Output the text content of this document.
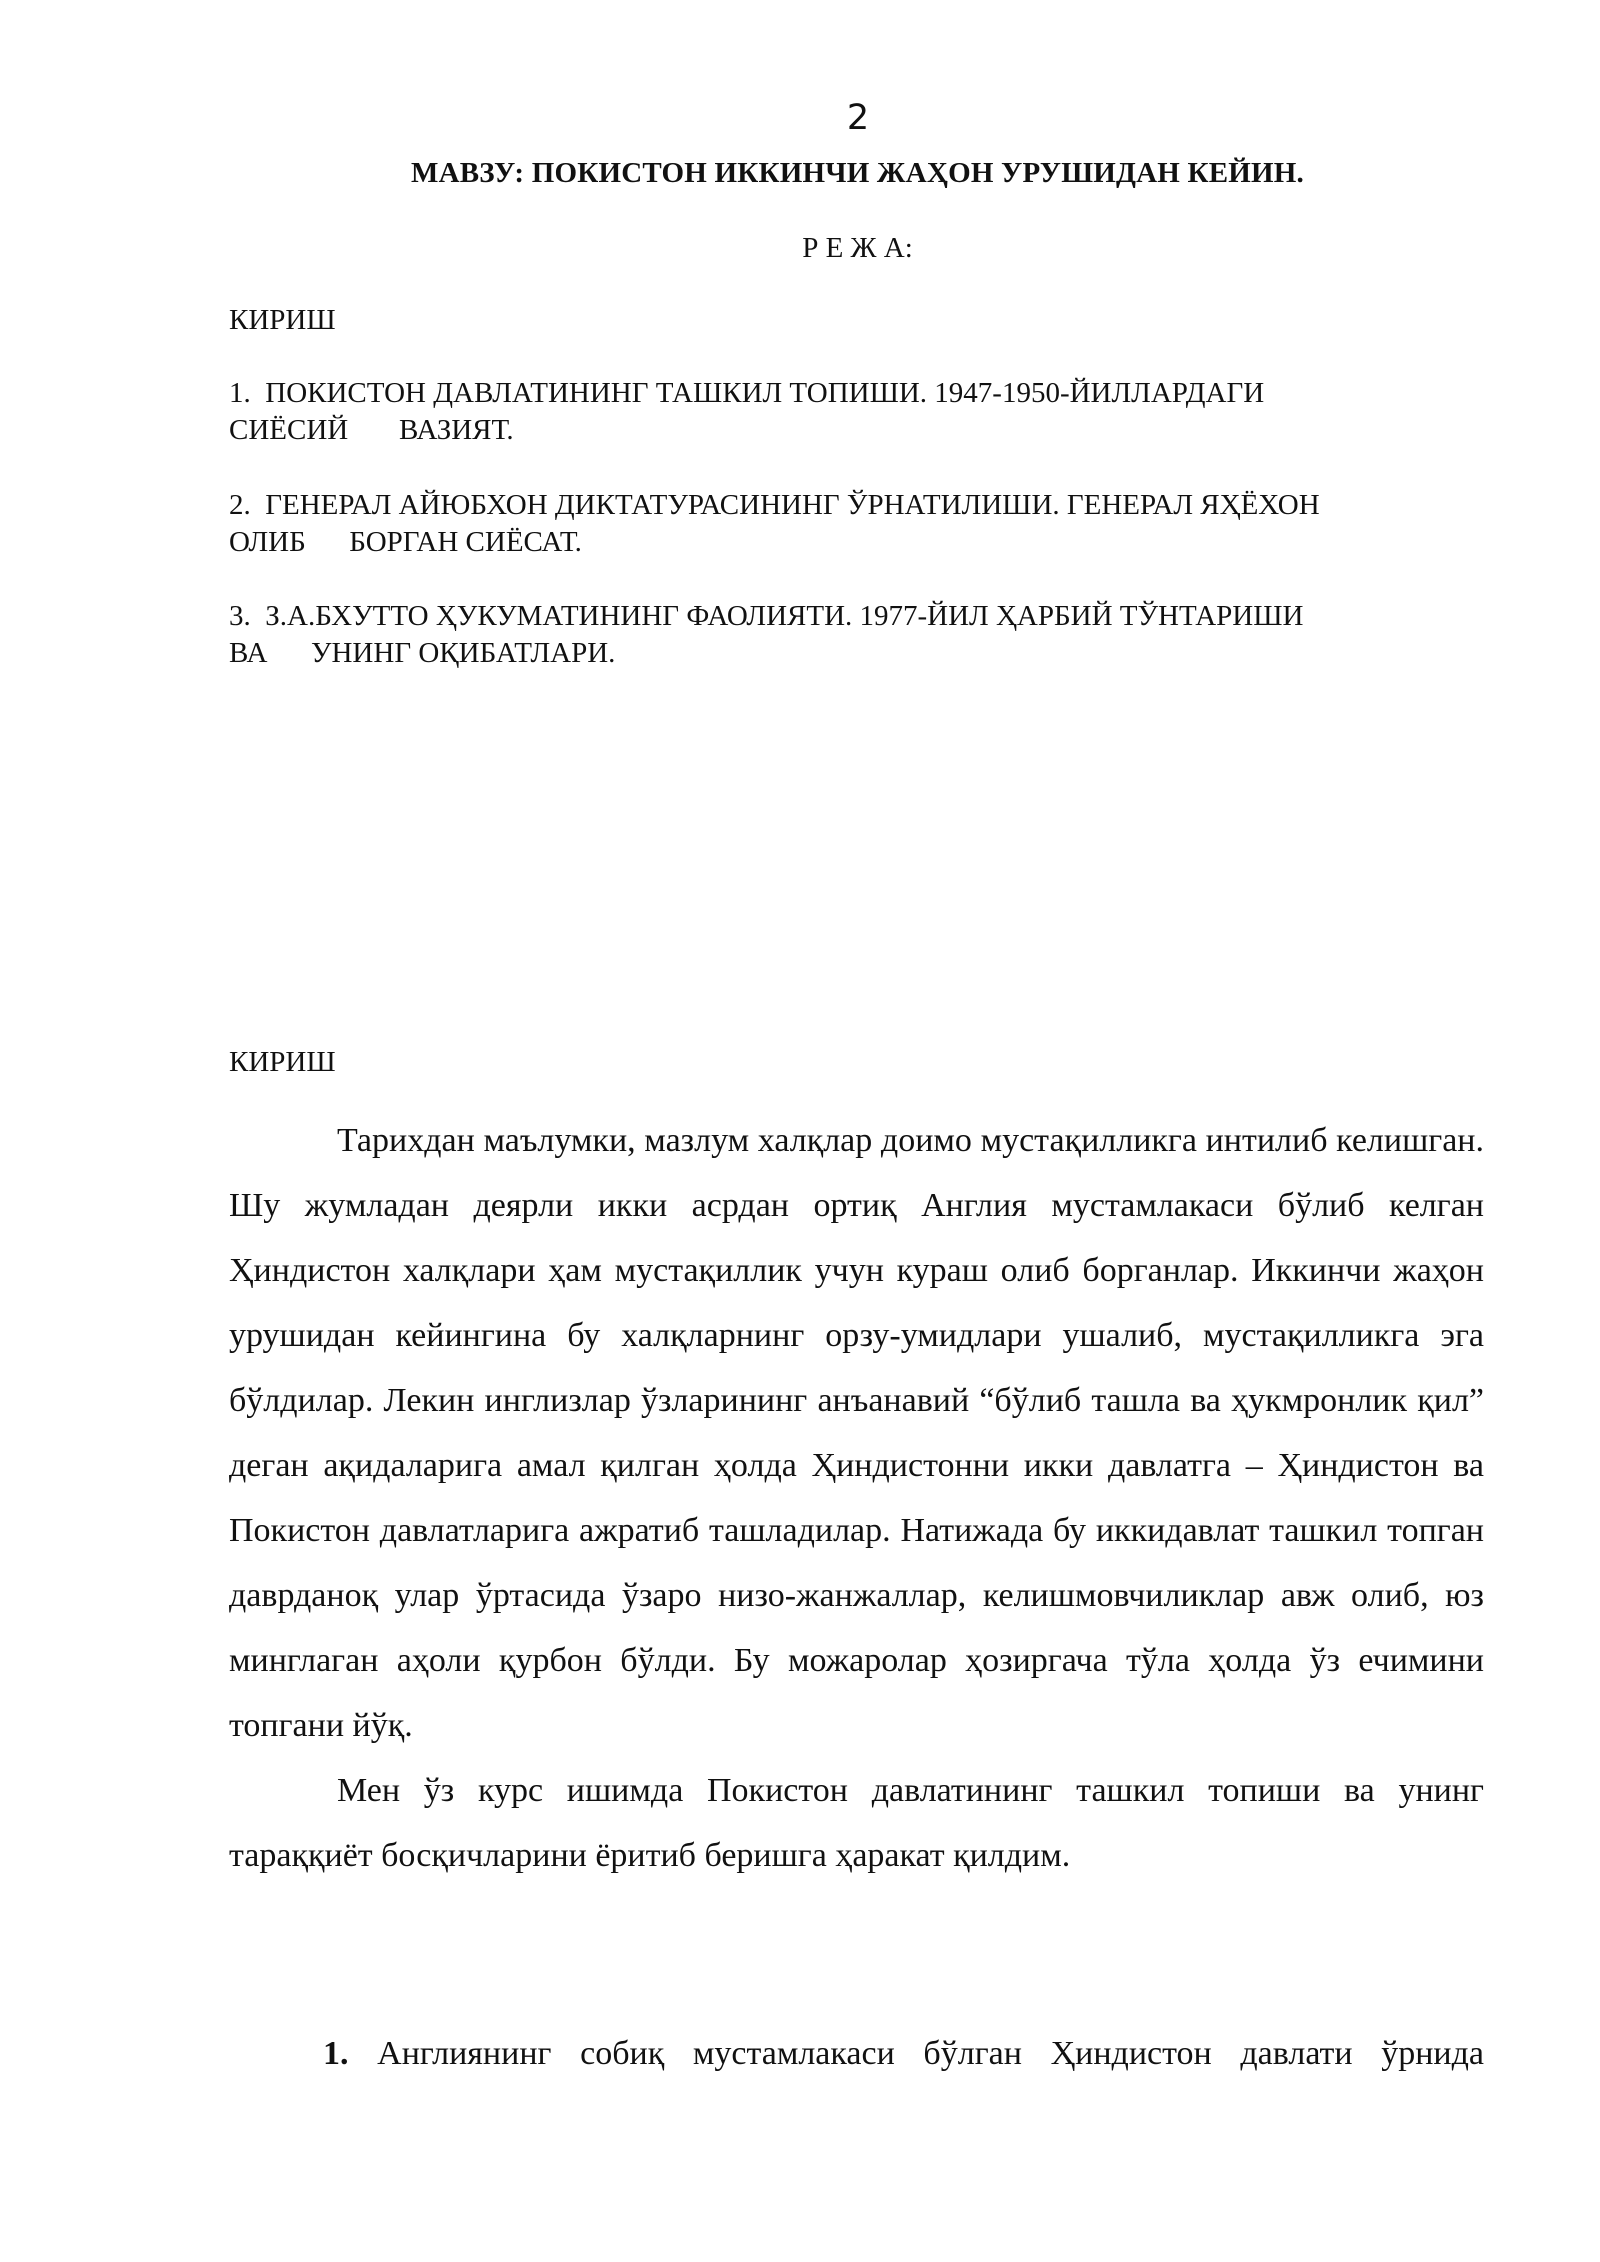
2
МАВЗУ: ПОКИСТОН ИККИНЧИ ЖАҲОН УРУШИДАН КЕЙИН.
Р Е Ж А:
КИРИШ
1.  ПОКИСТОН ДАВЛАТИНИНГ ТАШКИЛ ТОПИШИ. 1947-1950-ЙИЛЛАРДАГИ
СИЁСИЙ       ВАЗИЯТ.
2.  ГЕНЕРАЛ АЙЮБХОН ДИКТАТУРАСИНИНГ ЎРНАТИЛИШИ. ГЕНЕРАЛ ЯҲЁХОН
ОЛИБ      БОРГАН СИЁСАТ.
3.  З.А.БХУТТО ҲУКУМАТИНИНГ ФАОЛИЯТИ. 1977-ЙИЛ ҲАРБИЙ ТЎНТАРИШИ
ВА      УНИНГ ОҚИБАТЛАРИ.
КИРИШ

Тарихдан маълумки, мазлум халқлар доимо мустақилликга интилиб келишган. Шу жумладан деярли икки асрдан ортиқ Англия мустамлакаси бўлиб келган Ҳиндистон халқлари ҳам мустақиллик учун кураш олиб борганлар. Иккинчи жаҳон урушидан кейингина бу халқларнинг орзу-умидлари ушалиб, мустақилликга эга бўлдилар. Лекин инглизлар ўзларининг анъанавий “бўлиб ташла ва ҳукмронлик қил” деган ақидаларига амал қилган ҳолда Ҳиндистонни икки давлатга – Ҳиндистон ва Покистон давлатларига ажратиб ташладилар. Натижада бу иккидавлат ташкил топган даврданоқ улар ўртасида ўзаро низо-жанжаллар, келишмовчиликлар авж олиб, юз минглаган аҳоли қурбон бўлди. Бу можаролар ҳозиргача тўла ҳолда ўз ечимини топгани йўқ.

Мен ўз курс ишимда Покистон давлатининг ташкил топиши ва унинг тараққиёт босқичларини ёритиб беришга ҳаракат қилдим.

1. Англиянинг собиқ мустамлакаси бўлган Ҳиндистон давлати ўрнида
